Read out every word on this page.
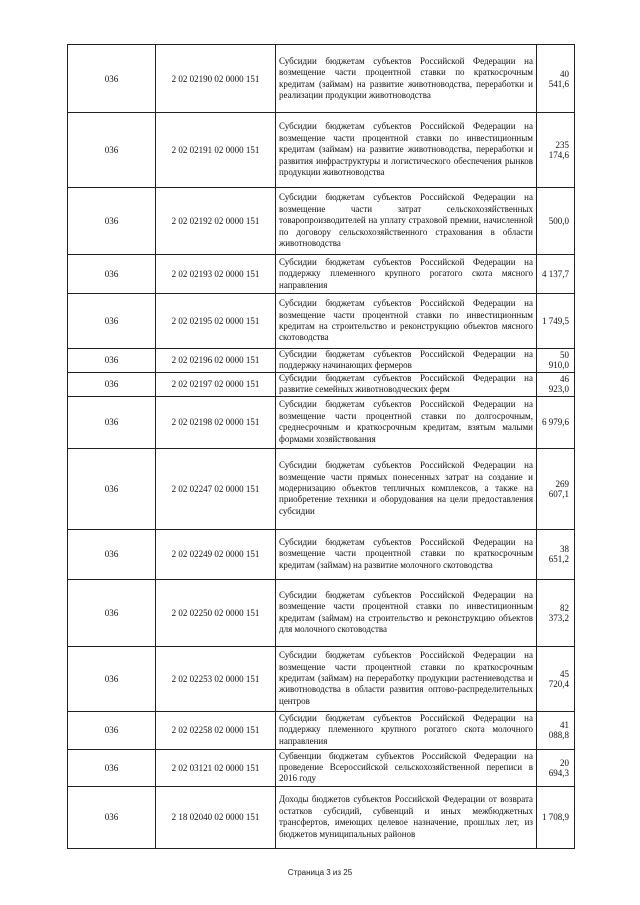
036	2 02 02190 02 0000 151	Субсидии бюджетам субъектов Российской Федерации на возмещение части процентной ставки по краткосрочным кредитам (займам) на развитие животноводства, переработки и реализации продукции животноводства	40 541,6
036	2 02 02191 02 0000 151	Субсидии бюджетам субъектов Российской Федерации на возмещение части процентной ставки по инвестиционным кредитам (займам) на развитие животноводства, переработки и развития инфраструктуры и логистического обеспечения рынков продукции животноводства	235 174,6
036	2 02 02192 02 0000 151	Субсидии бюджетам субъектов Российской Федерации на возмещение части затрат сельскохозяйственных товаропроизводителей на уплату страховой премии, начисленной по договору сельскохозяйственного страхования в области животноводства	500,0
036	2 02 02193 02 0000 151	Субсидии бюджетам субъектов Российской Федерации на поддержку племенного крупного рогатого скота мясного направления	4 137,7
036	2 02 02195 02 0000 151	Субсидии бюджетам субъектов Российской Федерации на возмещение части процентной ставки по инвестиционным кредитам на строительство и реконструкцию объектов мясного скотоводства	1 749,5
036	2 02 02196 02 0000 151	Субсидии бюджетам субъектов Российской Федерации на поддержку начинающих фермеров	50 910,0
036	2 02 02197 02 0000 151	Субсидии бюджетам субъектов Российской Федерации на развитие семейных животноводческих ферм	46 923,0
036	2 02 02198 02 0000 151	Субсидии бюджетам субъектов Российской Федерации на возмещение части процентной ставки по долгосрочным, среднесрочным и краткосрочным кредитам, взятым малыми формами хозяйствования	6 979,6
036	2 02 02247 02 0000 151	Субсидии бюджетам субъектов Российской Федерации на возмещение части прямых понесенных затрат на создание и модернизацию объектов тепличных комплексов, а также на приобретение техники и оборудования на цели предоставления субсидии	269 607,1
036	2 02 02249 02 0000 151	Субсидии бюджетам субъектов Российской Федерации на возмещение части процентной ставки по краткосрочным кредитам (займам) на развитие молочного скотоводства	38 651,2
036	2 02 02250 02 0000 151	Субсидии бюджетам субъектов Российской Федерации на возмещение части процентной ставки по инвестиционным кредитам (займам) на строительство и реконструкцию объектов для молочного скотоводства	82 373,2
036	2 02 02253 02 0000 151	Субсидии бюджетам субъектов Российской Федерации на возмещение части процентной ставки по краткосрочным кредитам (займам) на переработку продукции растениеводства и животноводства в области развития оптово-распределительных центров	45 720,4
036	2 02 02258 02 0000 151	Субсидии бюджетам субъектов Российской Федерации на поддержку племенного крупного рогатого скота молочного направления	41 088,8
036	2 02 03121 02 0000 151	Субвенции бюджетам субъектов Российской Федерации на проведение Всероссийской сельскохозяйственной переписи в 2016 году	20 694,3
036	2 18 02040 02 0000 151	Доходы бюджетов субъектов Российской Федерации от возврата остатков субсидий, субвенций и иных межбюджетных трансфертов, имеющих целевое назначение, прошлых лет, из бюджетов муниципальных районов	1 708,9
Страница 3 из 25
